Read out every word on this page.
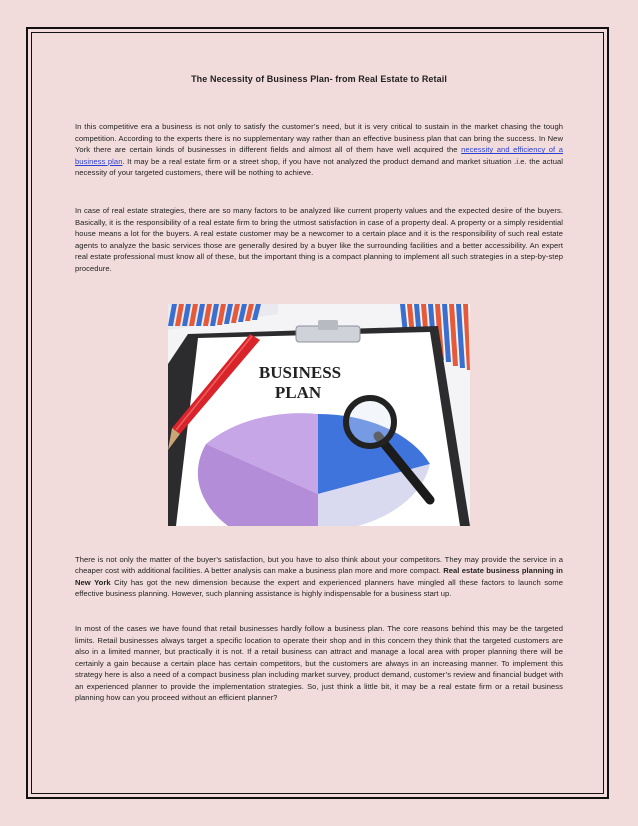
The Necessity of Business Plan- from Real Estate to Retail

In this competitive era a business is not only to satisfy the customer’s need, but it is very critical to sustain in the market chasing the tough competition. According to the experts there is no supplementary way rather than an effective business plan that can bring the success. In New York there are certain kinds of businesses in different fields and almost all of them have well acquired the necessity and efficiency of a business plan. It may be a real estate firm or a street shop, if you have not analyzed the product demand and market situation .i.e. the actual necessity of your targeted customers, there will be nothing to achieve.

In case of real estate strategies, there are so many factors to be analyzed like current property values and the expected desire of the buyers. Basically, it is the responsibility of a real estate firm to bring the utmost satisfaction in case of a property deal. A property or a simply residential house means a lot for the buyers. A real estate customer may be a newcomer to a certain place and it is the responsibility of such real estate agents to analyze the basic services those are generally desired by a buyer like the surrounding facilities and a better accessibility. An expert real estate professional must know all of these, but the important thing is a compact planning to implement all such strategies in a step-by-step procedure.

BUSINESS
PLAN

There is not only the matter of the buyer’s satisfaction, but you have to also think about your competitors. They may provide the service in a cheaper cost with additional facilities. A better analysis can make a business plan more and more compact. Real estate business planning in New York City has got the new dimension because the expert and experienced planners have mingled all these factors to launch some effective business planning. However, such planning assistance is highly indispensable for a business start up.

In most of the cases we have found that retail businesses hardly follow a business plan. The core reasons behind this may be the targeted limits. Retail businesses always target a specific location to operate their shop and in this concern they think that the targeted customers are also in a limited manner, but practically it is not. If a retail business can attract and manage a local area with proper planning there will be certainly a gain because a certain place has certain competitors, but the customers are always in an increasing manner. To implement this strategy here is also a need of a compact business plan including market survey, product demand, customer’s review and financial budget with an experienced planner to provide the implementation strategies. So, just think a little bit, it may be a real estate firm or a retail business planning how can you proceed without an efficient planner?
